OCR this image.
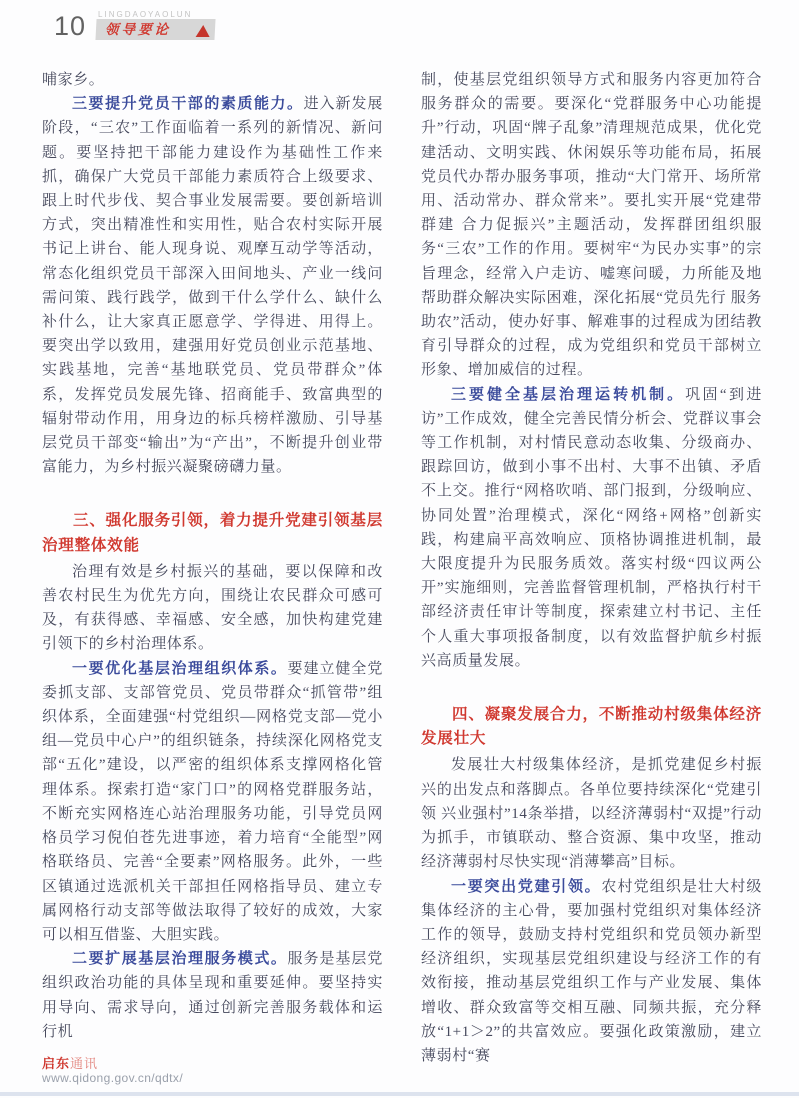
10 LINGDAOYAOLUN
领导要论

哺家乡。

三要提升党员干部的素质能力。进入新发展阶段，“三农”工作面临着一系列的新情况、新问题。要坚持把干部能力建设作为基础性工作来抓，确保广大党员干部能力素质符合上级要求、跟上时代步伐、契合事业发展需要。要创新培训方式，突出精准性和实用性，贴合农村实际开展书记上讲台、能人现身说、观摩互动学等活动，常态化组织党员干部深入田间地头、产业一线问需问策、践行践学，做到干什么学什么、缺什么补什么，让大家真正愿意学、学得进、用得上。要突出学以致用，建强用好党员创业示范基地、实践基地，完善“基地联党员、党员带群众”体系，发挥党员发展先锋、招商能手、致富典型的辐射带动作用，用身边的标兵榜样激励、引导基层党员干部变“输出”为“产出”，不断提升创业带富能力，为乡村振兴凝聚磅礴力量。

三、强化服务引领，着力提升党建引领基层治理整体效能

治理有效是乡村振兴的基础，要以保障和改善农村民生为优先方向，围绕让农民群众可感可及，有获得感、幸福感、安全感，加快构建党建引领下的乡村治理体系。

一要优化基层治理组织体系。要建立健全党委抓支部、支部管党员、党员带群众“抓管带”组织体系，全面建强“村党组织—网格党支部—党小组—党员中心户”的组织链条，持续深化网格党支部“五化”建设，以严密的组织体系支撑网格化管理体系。探索打造“家门口”的网格党群服务站，不断充实网格连心站治理服务功能，引导党员网格员学习倪伯苍先进事迹，着力培育“全能型”网格联络员、完善“全要素”网格服务。此外，一些区镇通过选派机关干部担任网格指导员、建立专属网格行动支部等做法取得了较好的成效，大家可以相互借鉴、大胆实践。

二要扩展基层治理服务模式。服务是基层党组织政治功能的具体呈现和重要延伸。要坚持实用导向、需求导向，通过创新完善服务载体和运行机

制，使基层党组织领导方式和服务内容更加符合服务群众的需要。要深化“党群服务中心功能提升”行动，巩固“牌子乱象”清理规范成果，优化党建活动、文明实践、休闲娱乐等功能布局，拓展党员代办帮办服务事项，推动“大门常开、场所常用、活动常办、群众常来”。要扎实开展“党建带群建 合力促振兴”主题活动，发挥群团组织服务“三农”工作的作用。要树牢“为民办实事”的宗旨理念，经常入户走访、嘘寒问暖，力所能及地帮助群众解决实际困难，深化拓展“党员先行 服务助农”活动，使办好事、解难事的过程成为团结教育引导群众的过程，成为党组织和党员干部树立形象、增加威信的过程。

三要健全基层治理运转机制。巩固“到进访”工作成效，健全完善民情分析会、党群议事会等工作机制，对村情民意动态收集、分级商办、跟踪回访，做到小事不出村、大事不出镇、矛盾不上交。推行“网格吹哨、部门报到，分级响应、协同处置”治理模式，深化“网络+网格”创新实践，构建扁平高效响应、顶格协调推进机制，最大限度提升为民服务质效。落实村级“四议两公开”实施细则，完善监督管理机制，严格执行村干部经济责任审计等制度，探索建立村书记、主任个人重大事项报备制度，以有效监督护航乡村振兴高质量发展。

四、凝聚发展合力，不断推动村级集体经济发展壮大

发展壮大村级集体经济，是抓党建促乡村振兴的出发点和落脚点。各单位要持续深化“党建引领 兴业强村”14条举措，以经济薄弱村“双提”行动为抓手，市镇联动、整合资源、集中攻坚，推动经济薄弱村尽快实现“消薄攀高”目标。

一要突出党建引领。农村党组织是壮大村级集体经济的主心骨，要加强村党组织对集体经济工作的领导，鼓励支持村党组织和党员领办新型经济组织，实现基层党组织建设与经济工作的有效衔接，推动基层党组织工作与产业发展、集体增收、群众致富等交相互融、同频共振，充分释放“1+1＞2”的共富效应。要强化政策激励，建立薄弱村“赛

启东通讯
www.qidong.gov.cn/qdtx/
